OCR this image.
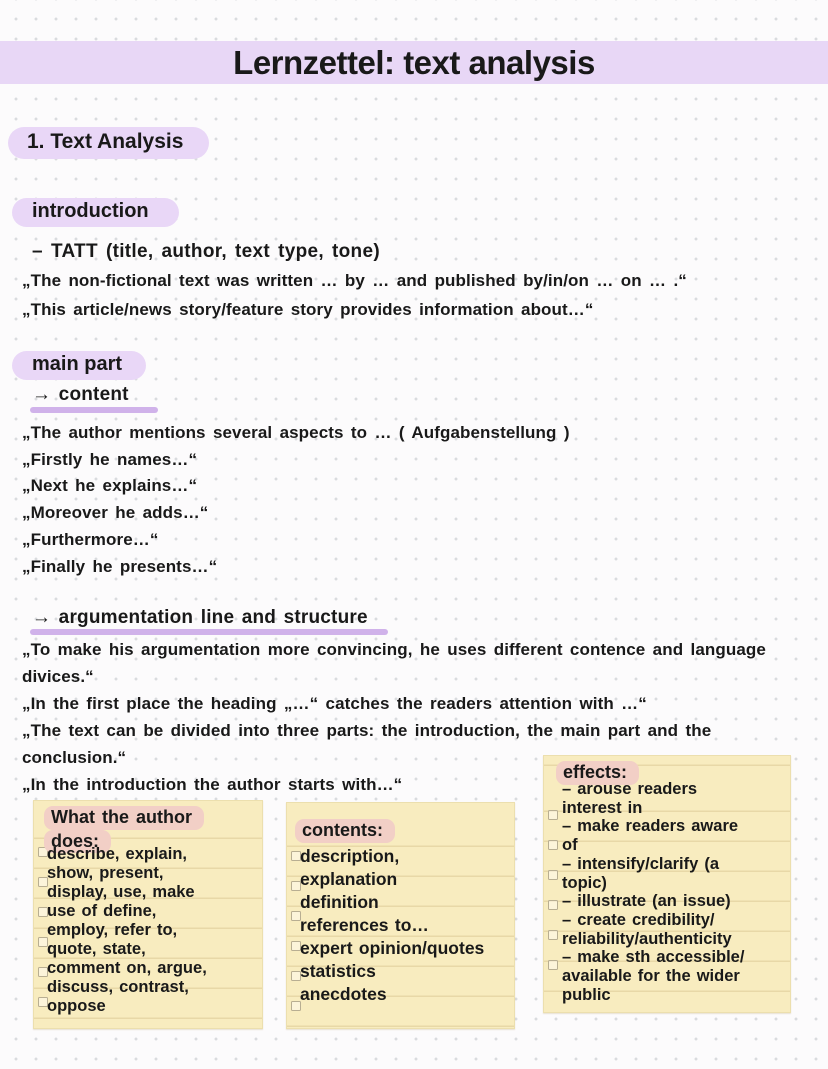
Lernzettel: text analysis
1. Text Analysis
introduction
– TATT (title, author, text type, tone)
„The non-fictional text was written … by … and published by/in/on … on … .“
„This article/news story/feature story provides information about…“
main part
→ content
„The author mentions several aspects to … ( Aufgabenstellung )
„Firstly he names…“
„Next he explains…“
„Moreover he adds…“
„Furthermore…“
„Finally he presents…“
→ argumentation line and structure
„To make his argumentation more convincing, he uses different contence and language divices.“
„In the first place the heading „…“ catches the readers attention with …“
„The text can be divided into three parts: the introduction, the main part and the conclusion.“
„In the introduction the author starts with…“
What the author
does:
describe, explain,
show, present,
display, use, make
use of define,
employ, refer to,
quote, state,
comment on, argue,
discuss, contrast,
oppose
contents:
description,
explanation
definition
references to…
expert opinion/quotes
statistics
anecdotes
effects:
– arouse readers
interest in
– make readers aware
of
– intensify/clarify (a
topic)
– illustrate (an issue)
– create credibility/
reliability/authenticity
– make sth accessible/
available for the wider
public
